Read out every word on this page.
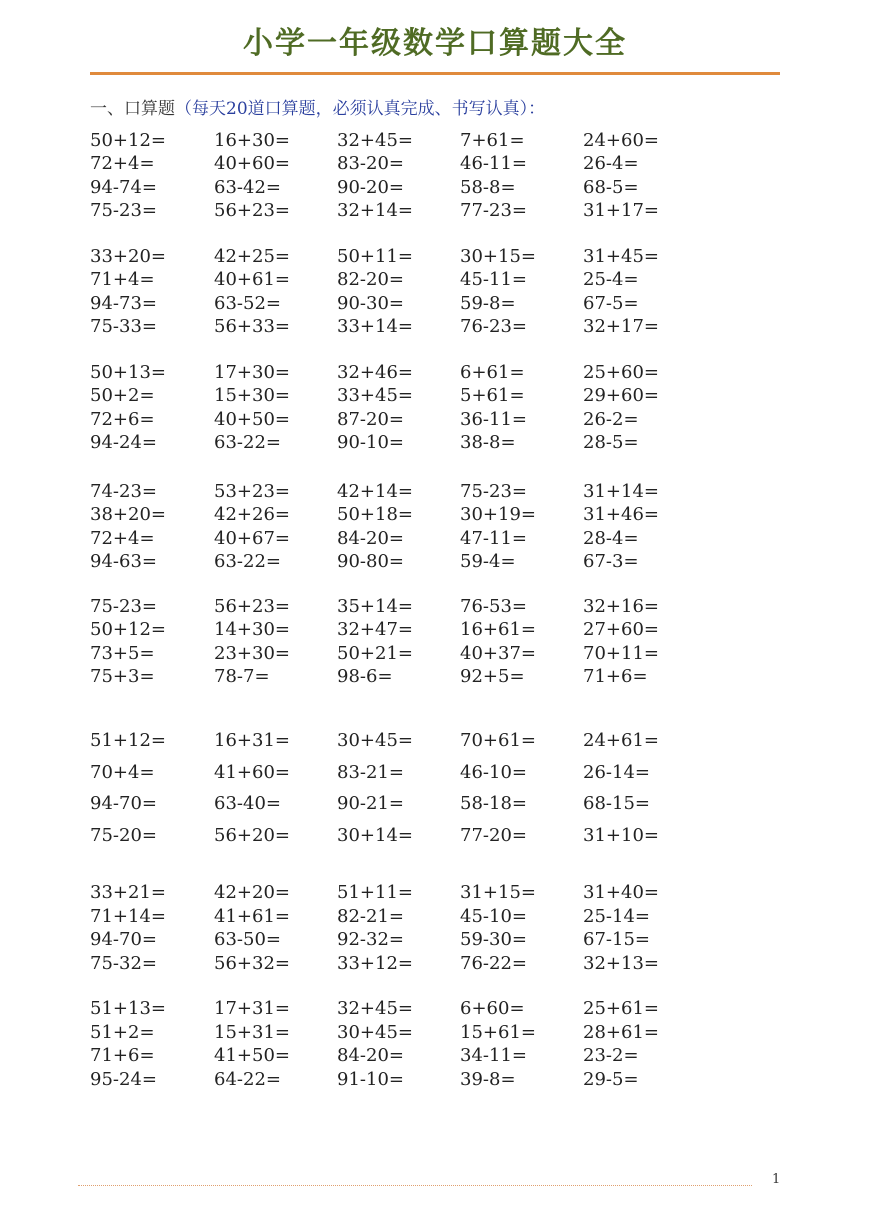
小学一年级数学口算题大全
一、口算题（每天20道口算题，必须认真完成、书写认真）：
50+12=	16+30=	32+45=	7+61=	24+60=
72+4=	40+60=	83-20=	46-11=	26-4=
94-74=	63-42=	90-20=	58-8=	68-5=
75-23=	56+23=	32+14=	77-23=	31+17=
33+20=	42+25=	50+11=	30+15=	31+45=
71+4=	40+61=	82-20=	45-11=	25-4=
94-73=	63-52=	90-30=	59-8=	67-5=
75-33=	56+33=	33+14=	76-23=	32+17=
50+13=	17+30=	32+46=	6+61=	25+60=
50+2=	15+30=	33+45=	5+61=	29+60=
72+6=	40+50=	87-20=	36-11=	26-2=
94-24=	63-22=	90-10=	38-8=	28-5=
74-23=	53+23=	42+14=	75-23=	31+14=
38+20=	42+26=	50+18=	30+19=	31+46=
72+4=	40+67=	84-20=	47-11=	28-4=
94-63=	63-22=	90-80=	59-4=	67-3=
75-23=	56+23=	35+14=	76-53=	32+16=
50+12=	14+30=	32+47=	16+61=	27+60=
73+5=	23+30=	50+21=	40+37=	70+11=
75+3=	78-7=	98-6=	92+5=	71+6=
51+12=	16+31=	30+45=	70+61=	24+61=
70+4=	41+60=	83-21=	46-10=	26-14=
94-70=	63-40=	90-21=	58-18=	68-15=
75-20=	56+20=	30+14=	77-20=	31+10=
33+21=	42+20=	51+11=	31+15=	31+40=
71+14=	41+61=	82-21=	45-10=	25-14=
94-70=	63-50=	92-32=	59-30=	67-15=
75-32=	56+32=	33+12=	76-22=	32+13=
51+13=	17+31=	32+45=	6+60=	25+61=
51+2=	15+31=	30+45=	15+61=	28+61=
71+6=	41+50=	84-20=	34-11=	23-2=
95-24=	64-22=	91-10=	39-8=	29-5=
1
